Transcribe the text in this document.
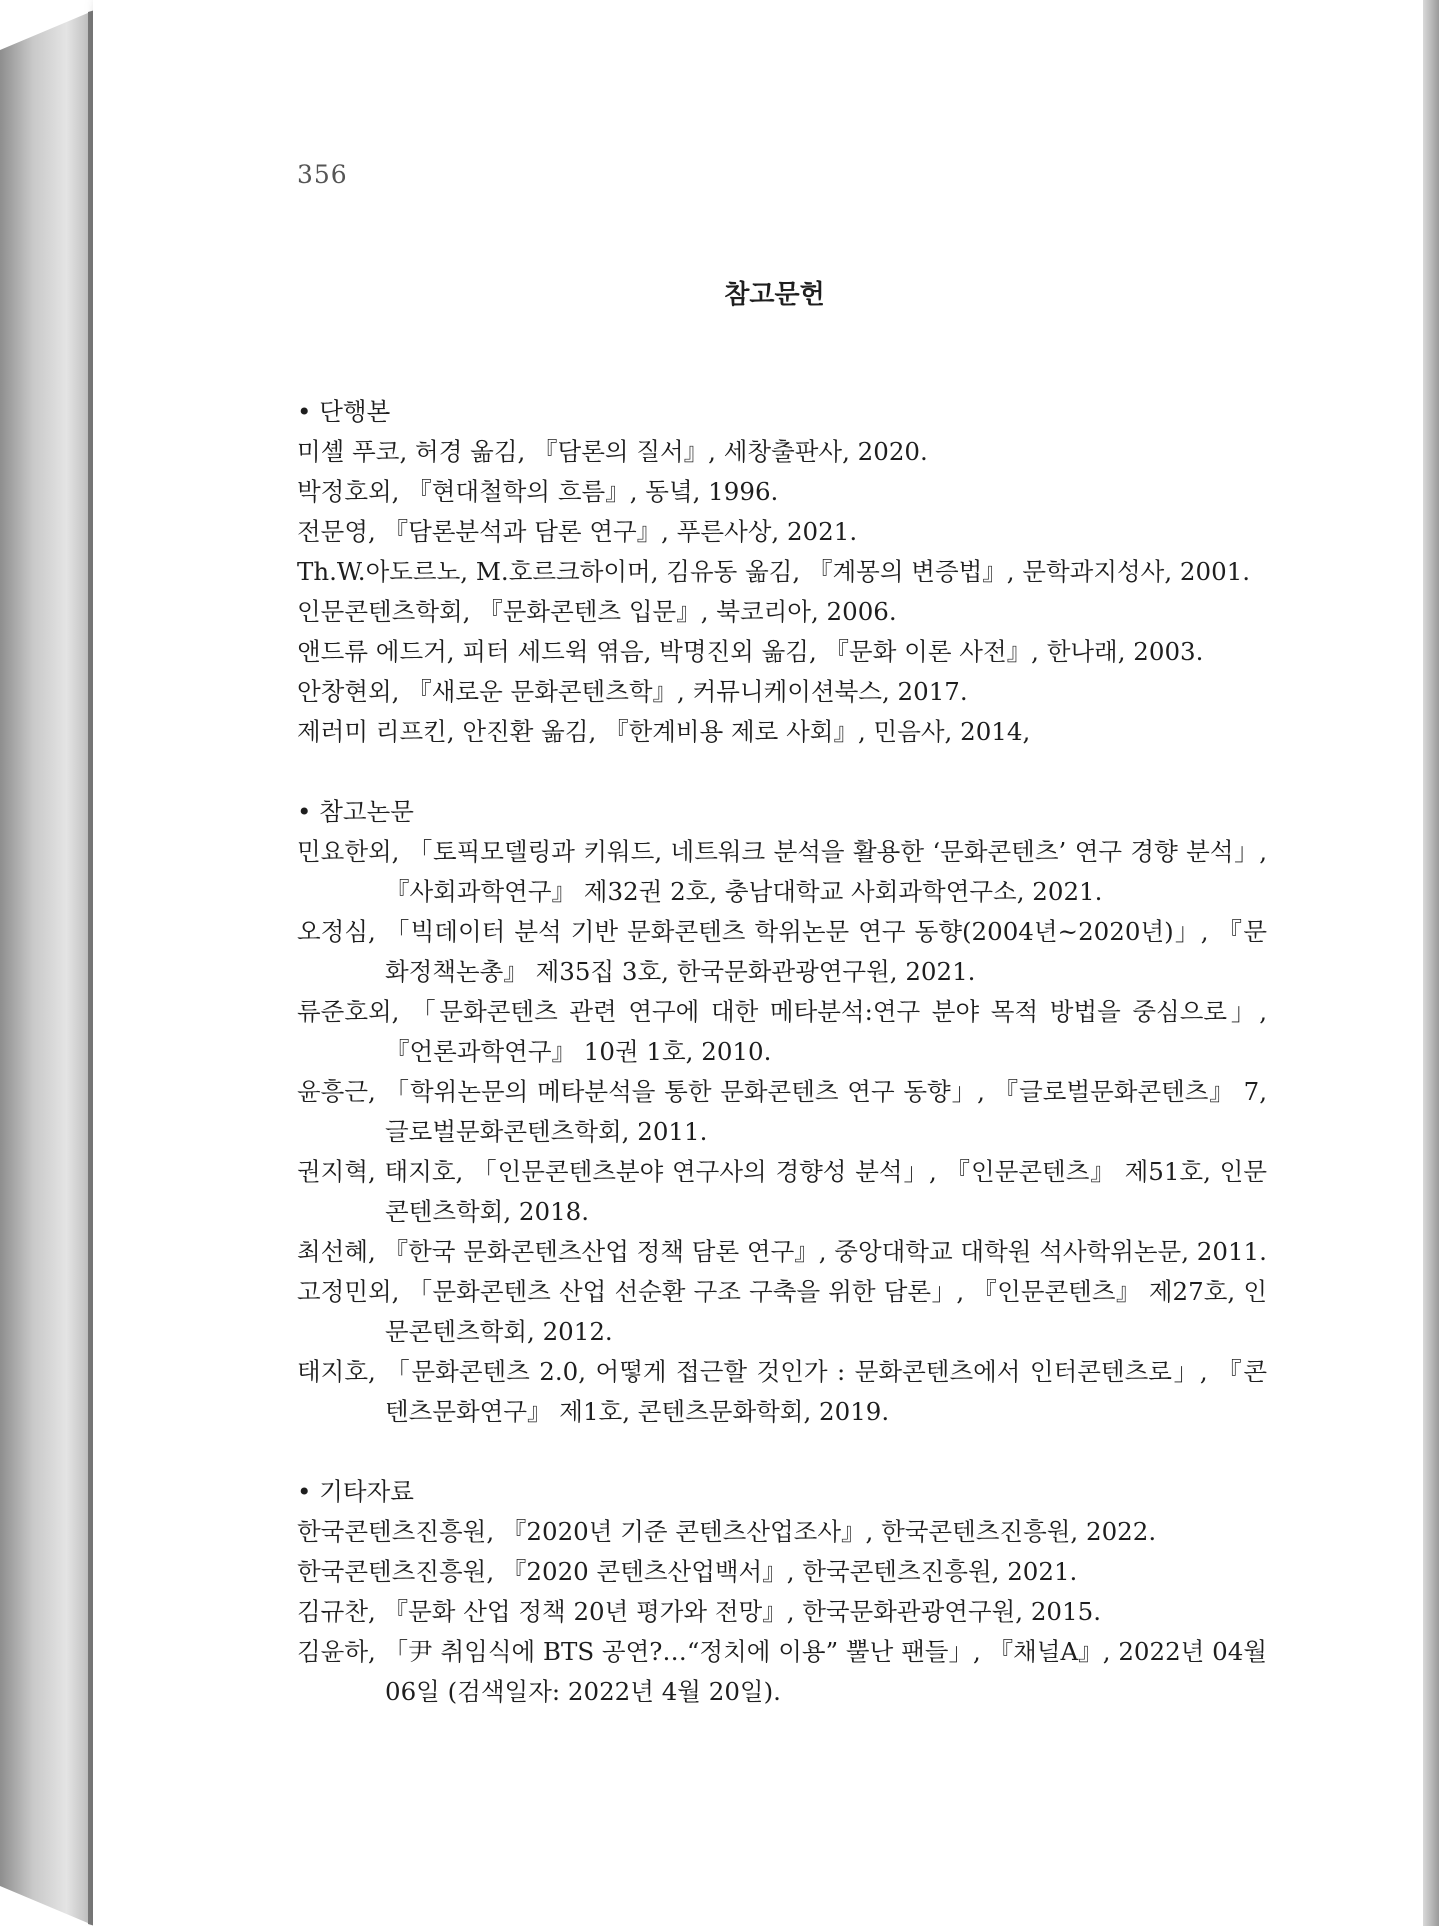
356
참고문헌
• 단행본
미셸 푸코, 허경 옮김, 『담론의 질서』, 세창출판사, 2020.
박정호외, 『현대철학의 흐름』, 동녘, 1996.
전문영, 『담론분석과 담론 연구』, 푸른사상, 2021.
Th.W.아도르노, M.호르크하이머, 김유동 옮김, 『계몽의 변증법』, 문학과지성사, 2001.
인문콘텐츠학회, 『문화콘텐츠 입문』, 북코리아, 2006.
앤드류 에드거, 피터 세드윅 엮음, 박명진외 옮김, 『문화 이론 사전』, 한나래, 2003.
안창현외, 『새로운 문화콘텐츠학』, 커뮤니케이션북스, 2017.
제러미 리프킨, 안진환 옮김, 『한계비용 제로 사회』, 민음사, 2014,
• 참고논문
민요한외, 「토픽모델링과 키워드, 네트워크 분석을 활용한 ‘문화콘텐츠’ 연구 경향 분석」, 『사회과학연구』 제32권 2호, 충남대학교 사회과학연구소, 2021.
오정심, 「빅데이터 분석 기반 문화콘텐츠 학위논문 연구 동향(2004년~2020년)」, 『문화정책논총』 제35집 3호, 한국문화관광연구원, 2021.
류준호외, 「문화콘텐츠 관련 연구에 대한 메타분석:연구 분야 목적 방법을 중심으로」, 『언론과학연구』 10권 1호, 2010.
윤흥근, 「학위논문의 메타분석을 통한 문화콘텐츠 연구 동향」, 『글로벌문화콘텐츠』 7, 글로벌문화콘텐츠학회, 2011.
권지혁, 태지호, 「인문콘텐츠분야 연구사의 경향성 분석」, 『인문콘텐츠』 제51호, 인문콘텐츠학회, 2018.
최선혜, 『한국 문화콘텐츠산업 정책 담론 연구』, 중앙대학교 대학원 석사학위논문, 2011.
고정민외, 「문화콘텐츠 산업 선순환 구조 구축을 위한 담론」, 『인문콘텐츠』 제27호, 인문콘텐츠학회, 2012.
태지호, 「문화콘텐츠 2.0, 어떻게 접근할 것인가 : 문화콘텐츠에서 인터콘텐츠로」, 『콘텐츠문화연구』 제1호, 콘텐츠문화학회, 2019.
• 기타자료
한국콘텐츠진흥원, 『2020년 기준 콘텐츠산업조사』, 한국콘텐츠진흥원, 2022.
한국콘텐츠진흥원, 『2020 콘텐츠산업백서』, 한국콘텐츠진흥원, 2021.
김규찬, 『문화 산업 정책 20년 평가와 전망』, 한국문화관광연구원, 2015.
김윤하, 「尹 취임식에 BTS 공연?…“정치에 이용” 뿔난 팬들」, 『채널A』, 2022년 04월 06일 (검색일자: 2022년 4월 20일).
